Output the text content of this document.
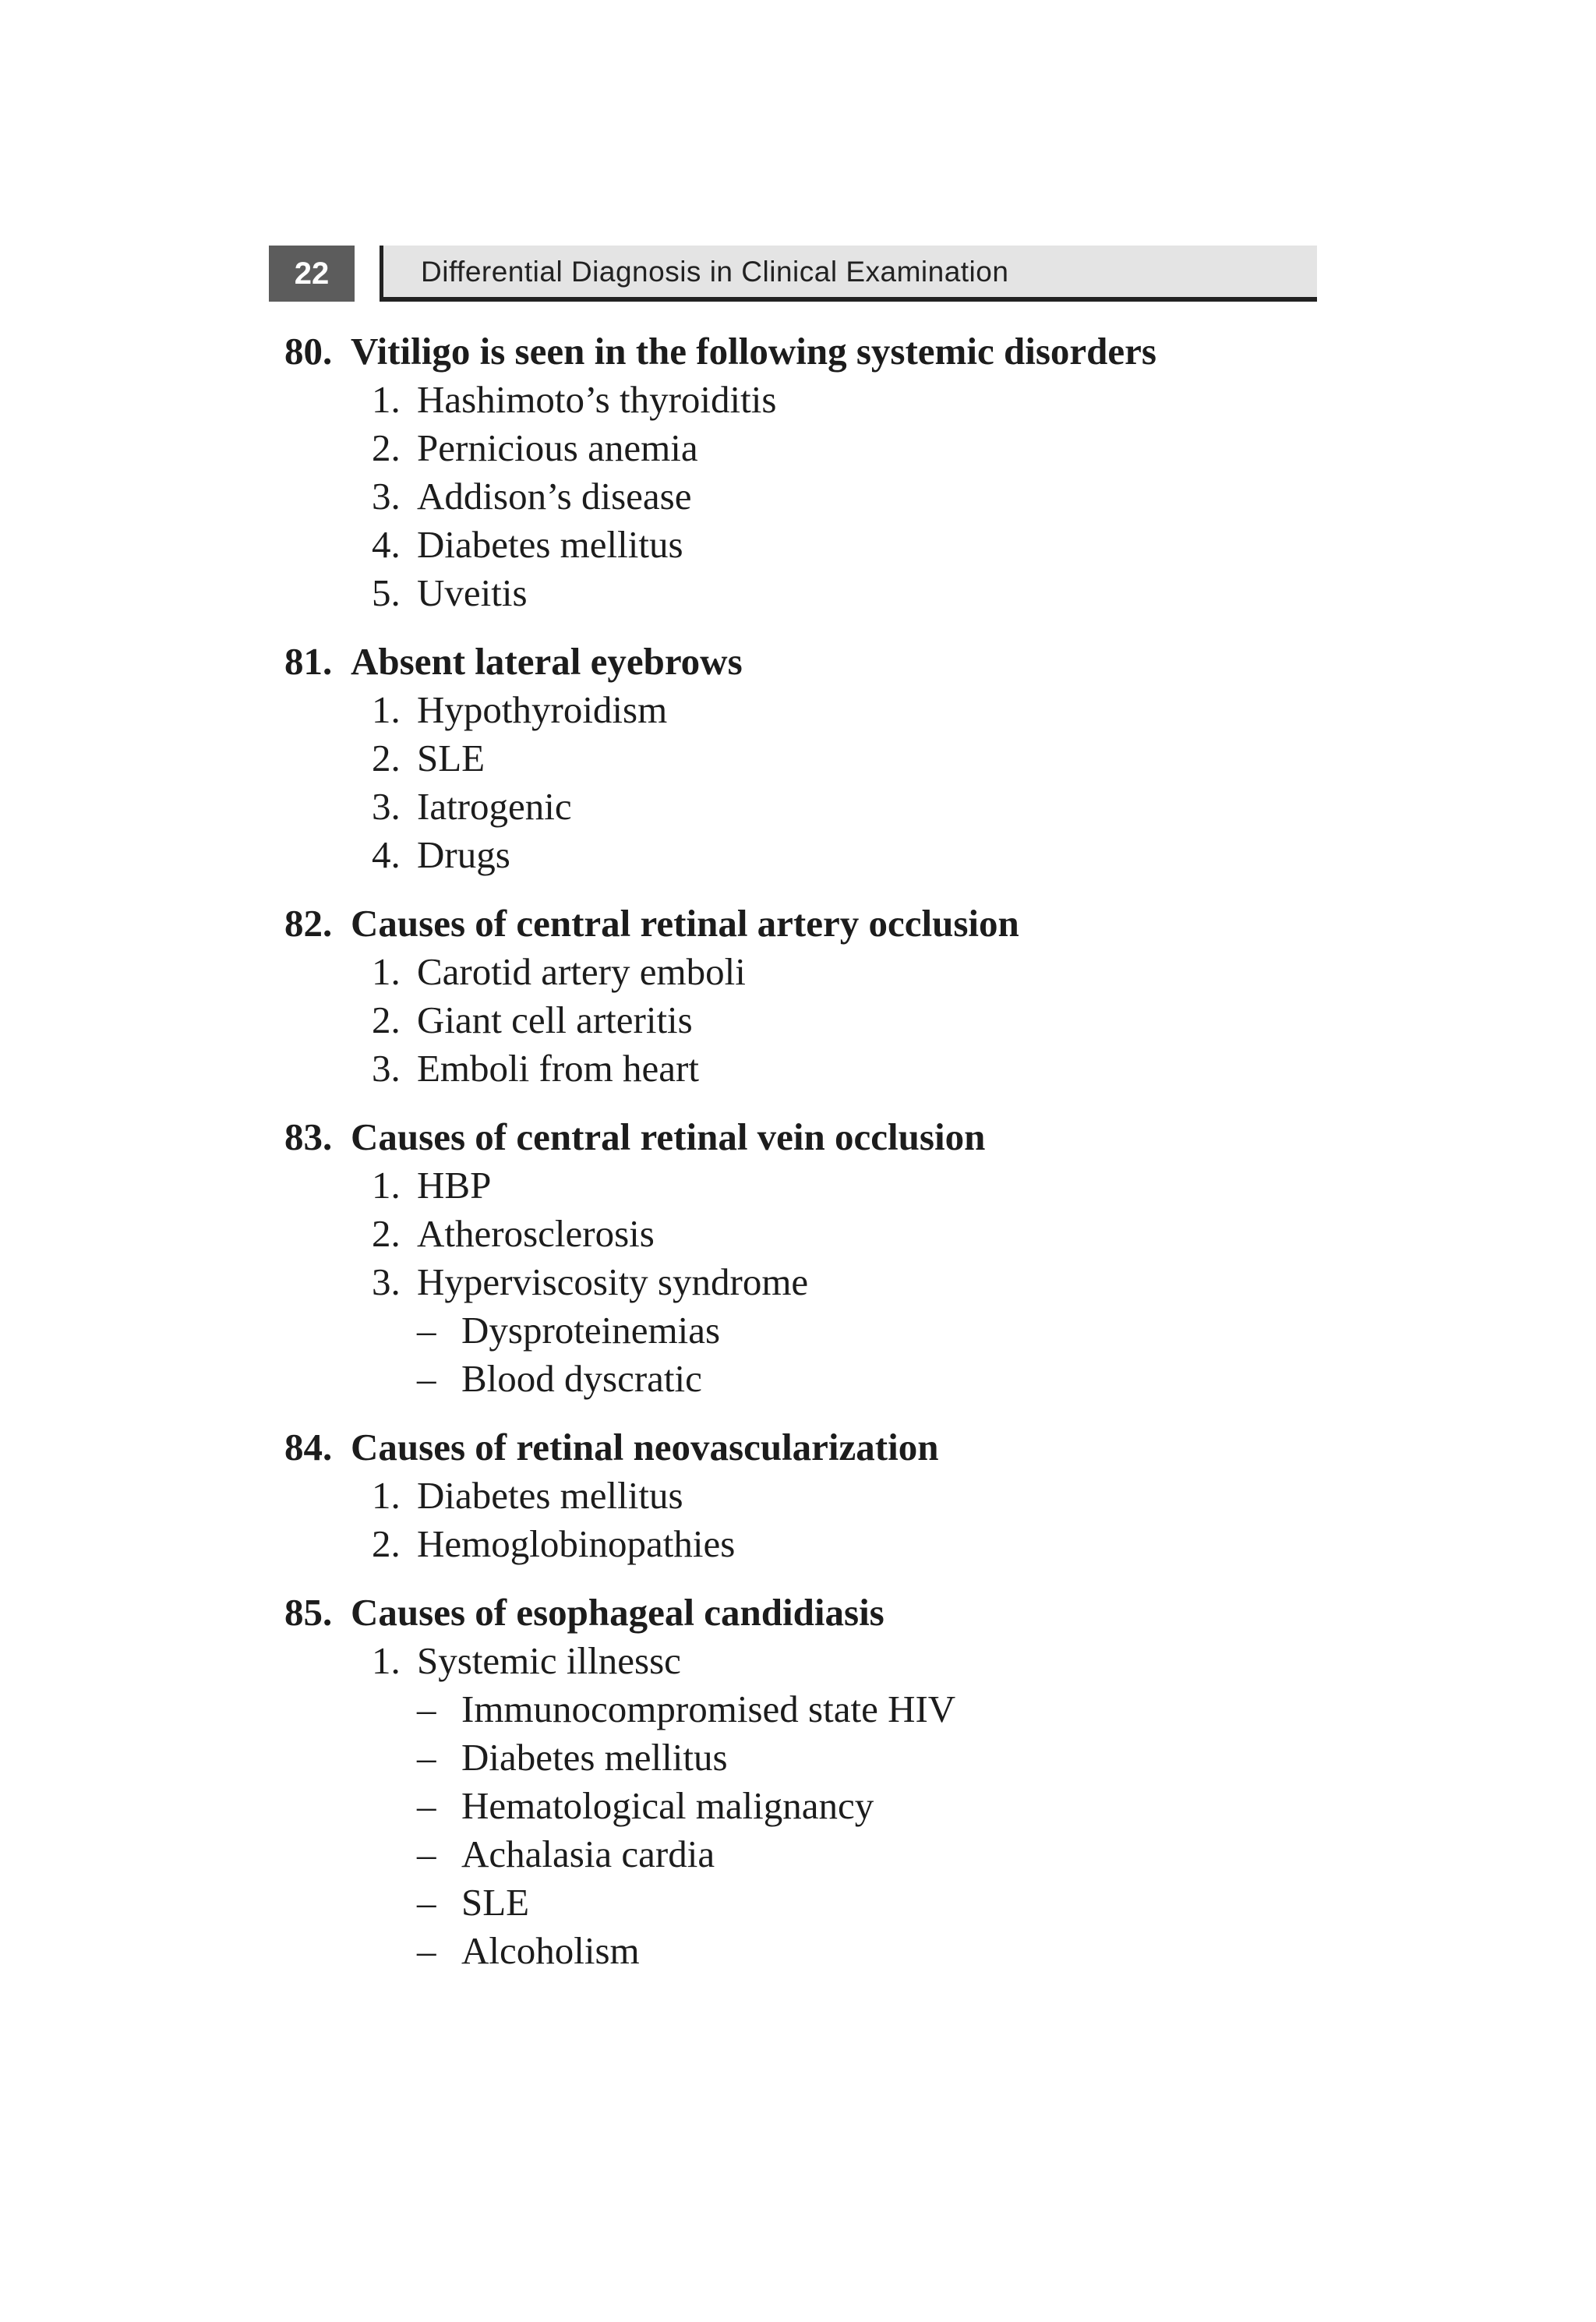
22	Differential Diagnosis in Clinical Examination
80. Vitiligo is seen in the following systemic disorders
1. Hashimoto’s thyroiditis
2. Pernicious anemia
3. Addison’s disease
4. Diabetes mellitus
5. Uveitis
81. Absent lateral eyebrows
1. Hypothyroidism
2. SLE
3. Iatrogenic
4. Drugs
82. Causes of central retinal artery occlusion
1. Carotid artery emboli
2. Giant cell arteritis
3. Emboli from heart
83. Causes of central retinal vein occlusion
1. HBP
2. Atherosclerosis
3. Hyperviscosity syndrome
– Dysproteinemias
– Blood dyscratic
84. Causes of retinal neovascularization
1. Diabetes mellitus
2. Hemoglobinopathies
85. Causes of esophageal candidiasis
1. Systemic illnessc
– Immunocompromised state HIV
– Diabetes mellitus
– Hematological malignancy
– Achalasia cardia
– SLE
– Alcoholism
